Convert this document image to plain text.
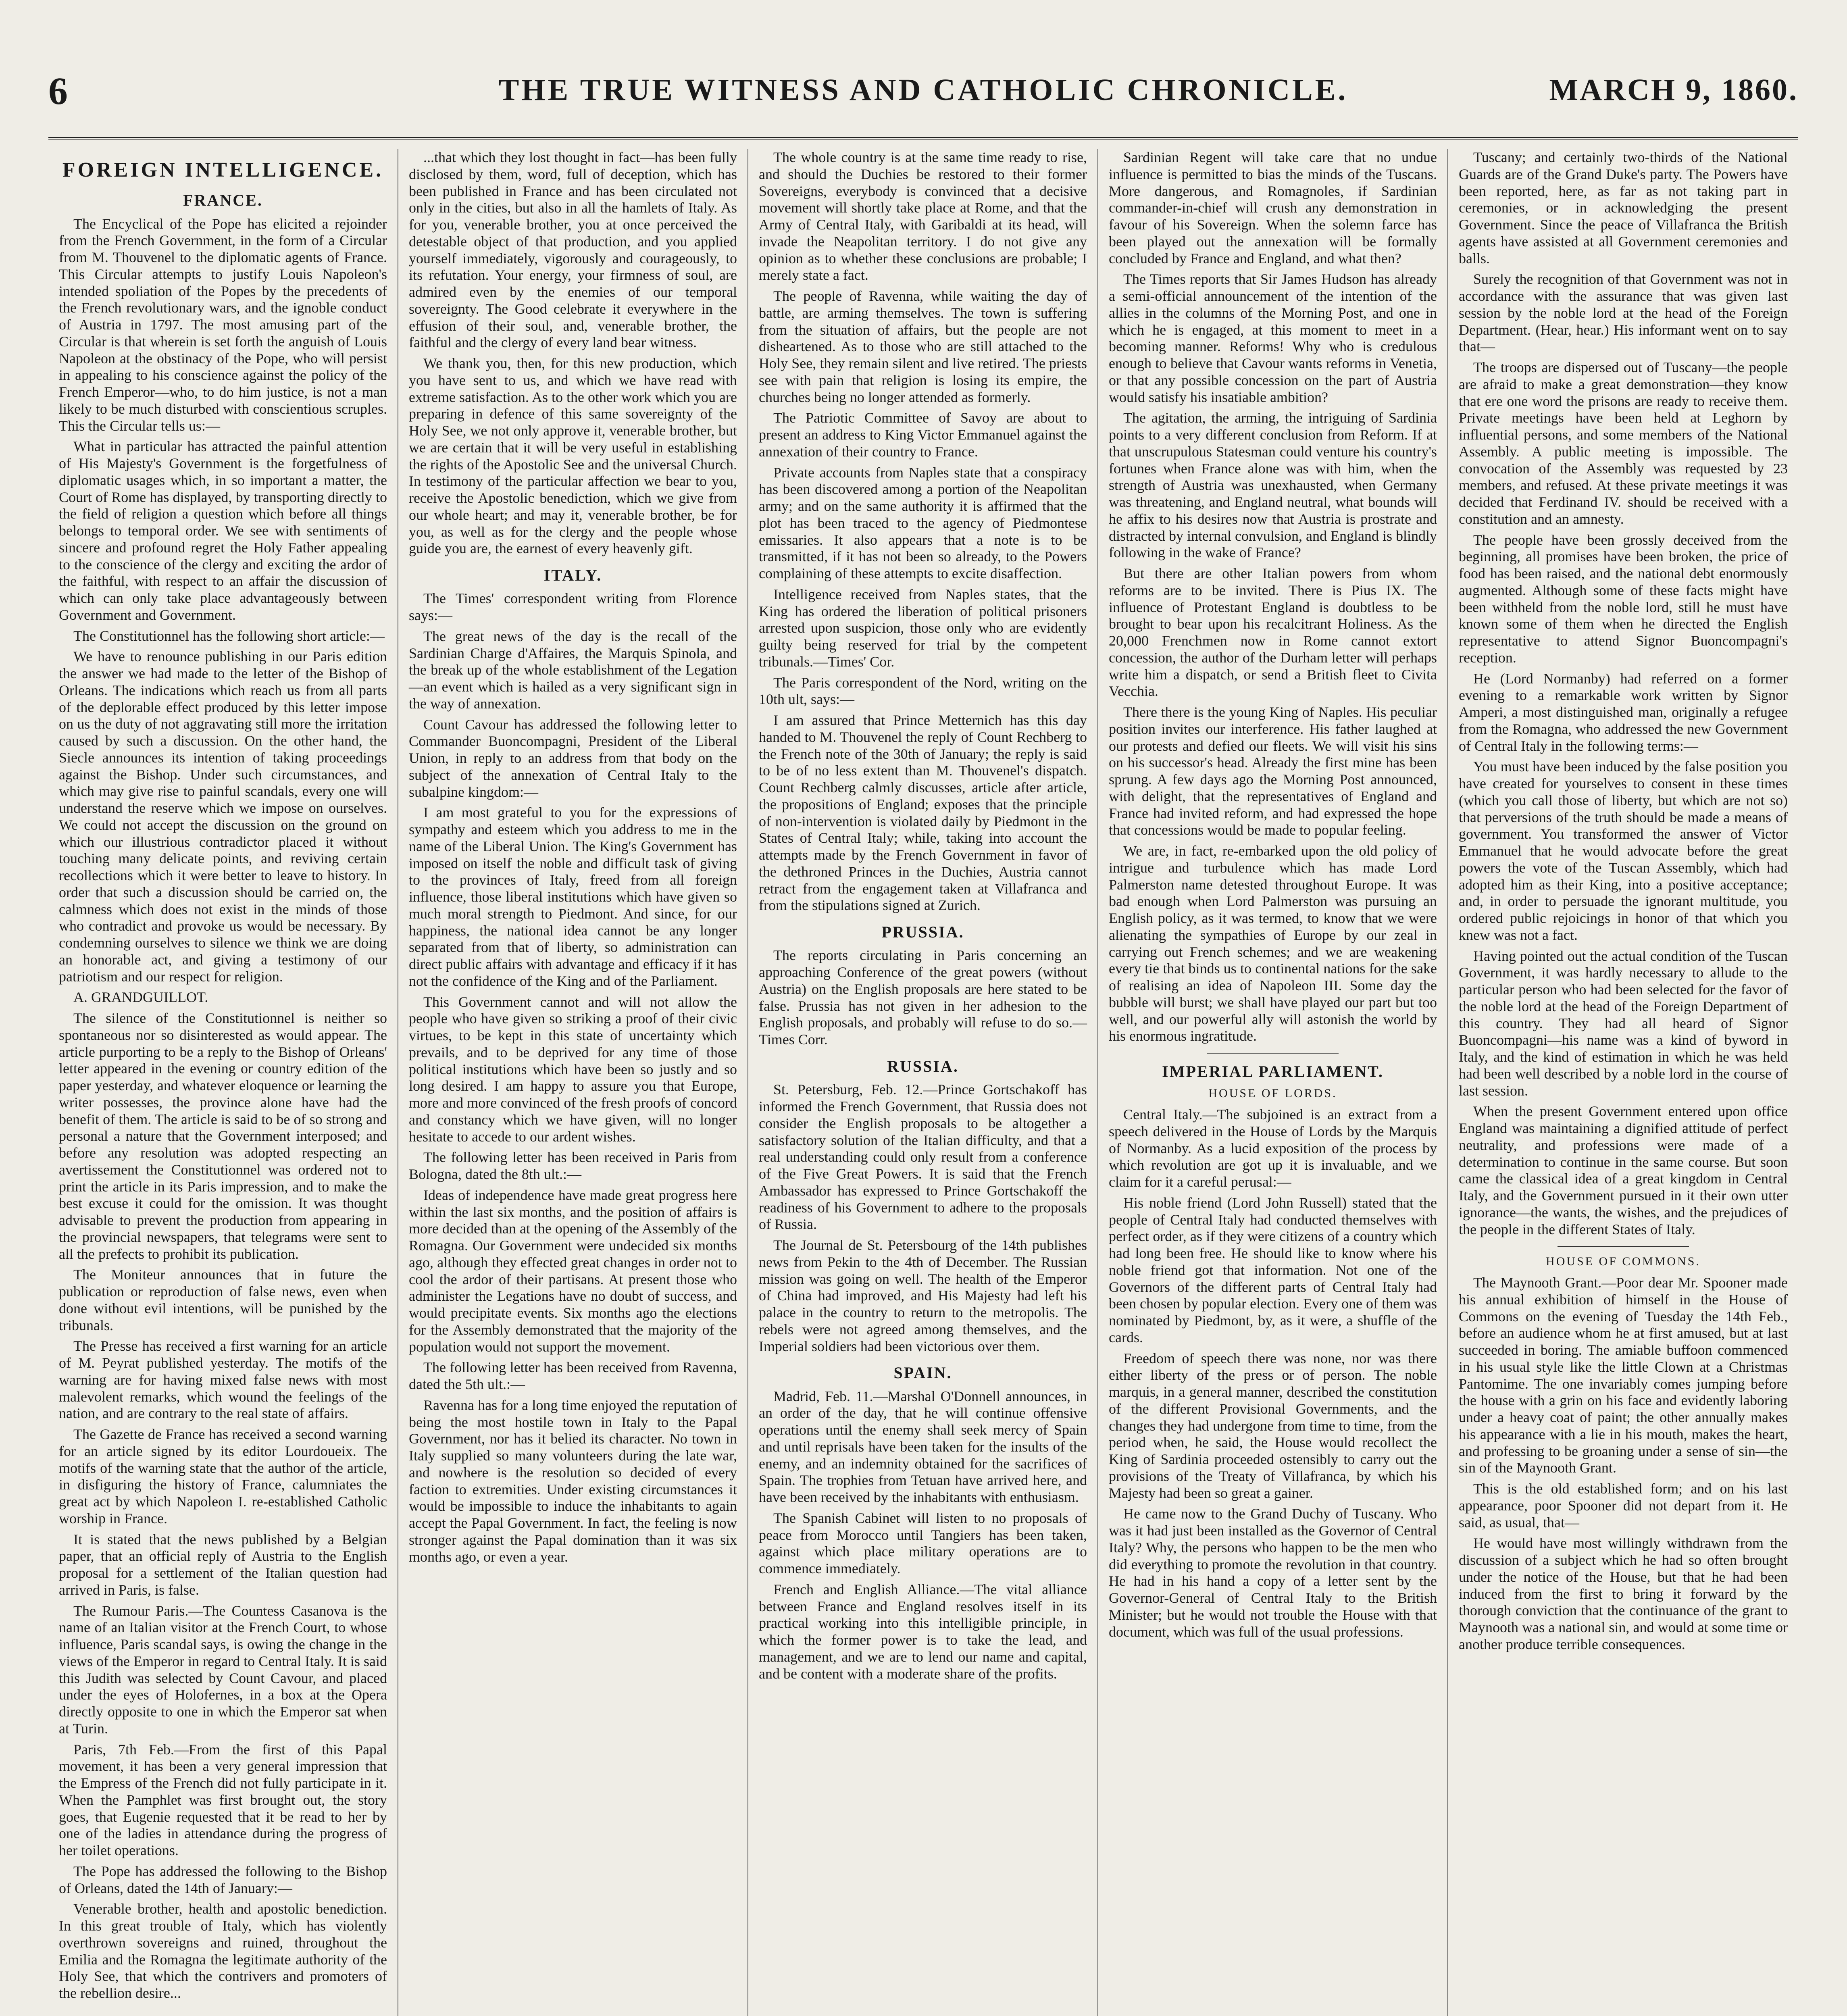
6	THE TRUE WITNESS AND CATHOLIC CHRONICLE.	MARCH 9, 1860.
FOREIGN INTELLIGENCE.
FRANCE.

The Encyclical of the Pope has elicited a rejoinder from the French Government, in the form of a Circular from M. Thouvenel to the diplomatic agents of France. This Circular attempts to justify Louis Napoleon's intended spoliation of the Popes by the precedents of the French revolutionary wars, and the ignoble conduct of Austria in 1797. The most amusing part of the Circular is that wherein is set forth the anguish of Louis Napoleon at the obstinacy of the Pope, who will persist in appealing to his conscience against the policy of the French Emperor—who, to do him justice, is not a man likely to be much disturbed with conscientious scruples. This the Circular tells us:—

What in particular has attracted the painful attention of His Majesty's Government is the forgetfulness of diplomatic usages which, in so important a matter, the Court of Rome has displayed, by transporting directly to the field of religion a question which before all things belongs to temporal order. We see with sentiments of sincere and profound regret the Holy Father appealing to the conscience of the clergy and exciting the ardor of the faithful, with respect to an affair the discussion of which can only take place advantageously between Government and Government.

The Constitutionnel has the following short article:—

We have to renounce publishing in our Paris edition the answer we had made to the letter of the Bishop of Orleans. The indications which reach us from all parts of the deplorable effect produced by this letter impose on us the duty of not aggravating still more the irritation caused by such a discussion. On the other hand, the Siecle announces its intention of taking proceedings against the Bishop. Under such circumstances, and which may give rise to painful scandals, every one will understand the reserve which we impose on ourselves. We could not accept the discussion on the ground on which our illustrious contradictor placed it without touching many delicate points, and reviving certain recollections which it were better to leave to history. In order that such a discussion should be carried on, the calmness which does not exist in the minds of those who contradict and provoke us would be necessary. By condemning ourselves to silence we think we are doing an honorable act, and giving a testimony of our patriotism and our respect for religion.

A. GRANDGUILLOT.

The silence of the Constitutionnel is neither so spontaneous nor so disinterested as would appear. The article purporting to be a reply to the Bishop of Orleans' letter appeared in the evening or country edition of the paper yesterday, and whatever eloquence or learning the writer possesses, the province alone have had the benefit of them. The article is said to be of so strong and personal a nature that the Government interposed; and before any resolution was adopted respecting an avertissement the Constitutionnel was ordered not to print the article in its Paris impression, and to make the best excuse it could for the omission. It was thought advisable to prevent the production from appearing in the provincial newspapers, that telegrams were sent to all the prefects to prohibit its publication.

The Moniteur announces that in future the publication or reproduction of false news, even when done without evil intentions, will be punished by the tribunals.

The Presse has received a first warning for an article of M. Peyrat published yesterday. The motifs of the warning are for having mixed false news with most malevolent remarks, which wound the feelings of the nation, and are contrary to the real state of affairs.

The Gazette de France has received a second warning for an article signed by its editor Lourdoueix. The motifs of the warning state that the author of the article, in disfiguring the history of France, calumniates the great act by which Napoleon I. re-established Catholic worship in France.

It is stated that the news published by a Belgian paper, that an official reply of Austria to the English proposal for a settlement of the Italian question had arrived in Paris, is false.

The Rumour Paris.—The Countess Casanova is the name of an Italian visitor at the French Court, to whose influence, Paris scandal says, is owing the change in the views of the Emperor in regard to Central Italy. It is said this Judith was selected by Count Cavour, and placed under the eyes of Holofernes, in a box at the Opera directly opposite to one in which the Emperor sat when at Turin.

Paris, 7th Feb.—From the first of this Papal movement, it has been a very general impression that the Empress of the French did not fully participate in it. When the Pamphlet was first brought out, the story goes, that Eugenie requested that it be read to her by one of the ladies in attendance during the progress of her toilet operations.

The Pope has addressed the following to the Bishop of Orleans, dated the 14th of January:—

Venerable brother, health and apostolic benediction. In this great trouble of Italy, which has violently overthrown sovereigns and ruined, throughout the Emilia and the Romagna the legitimate authority of the Holy See, that which the contrivers and promoters of the rebellion desire...

...that which they lost thought in fact—has been fully disclosed by them, word, full of deception, which has been published in France and has been circulated not only in the cities, but also in all the hamlets of Italy. As for you, venerable brother, you at once perceived the detestable object of that production, and you applied yourself immediately, vigorously and courageously, to its refutation. Your energy, your firmness of soul, are admired even by the enemies of our temporal sovereignty. The Good celebrate it everywhere in the effusion of their soul, and, venerable brother, the faithful and the clergy of every land bear witness.

We thank you, then, for this new production, which you have sent to us, and which we have read with extreme satisfaction. As to the other work which you are preparing in defence of this same sovereignty of the Holy See, we not only approve it, venerable brother, but we are certain that it will be very useful in establishing the rights of the Apostolic See and the universal Church. In testimony of the particular affection we bear to you, receive the Apostolic benediction, which we give from our whole heart; and may it, venerable brother, be for you, as well as for the clergy and the people whose guide you are, the earnest of every heavenly gift.

ITALY.

The Times' correspondent writing from Florence says:—

The great news of the day is the recall of the Sardinian Charge d'Affaires, the Marquis Spinola, and the break up of the whole establishment of the Legation—an event which is hailed as a very significant sign in the way of annexation.

Count Cavour has addressed the following letter to Commander Buoncompagni, President of the Liberal Union, in reply to an address from that body on the subject of the annexation of Central Italy to the subalpine kingdom:—

I am most grateful to you for the expressions of sympathy and esteem which you address to me in the name of the Liberal Union. The King's Government has imposed on itself the noble and difficult task of giving to the provinces of Italy, freed from all foreign influence, those liberal institutions which have given so much moral strength to Piedmont. And since, for our happiness, the national idea cannot be any longer separated from that of liberty, so administration can direct public affairs with advantage and efficacy if it has not the confidence of the King and of the Parliament.

This Government cannot and will not allow the people who have given so striking a proof of their civic virtues, to be kept in this state of uncertainty which prevails, and to be deprived for any time of those political institutions which have been so justly and so long desired. I am happy to assure you that Europe, more and more convinced of the fresh proofs of concord and constancy which we have given, will no longer hesitate to accede to our ardent wishes.

The following letter has been received in Paris from Bologna, dated the 8th ult.:—

Ideas of independence have made great progress here within the last six months, and the position of affairs is more decided than at the opening of the Assembly of the Romagna. Our Government were undecided six months ago, although they effected great changes in order not to cool the ardor of their partisans. At present those who administer the Legations have no doubt of success, and would precipitate events. Six months ago the elections for the Assembly demonstrated that the majority of the population would not support the movement.

The following letter has been received from Ravenna, dated the 5th ult.:—

Ravenna has for a long time enjoyed the reputation of being the most hostile town in Italy to the Papal Government, nor has it belied its character. No town in Italy supplied so many volunteers during the late war, and nowhere is the resolution so decided of every faction to extremities. Under existing circumstances it would be impossible to induce the inhabitants to again accept the Papal Government. In fact, the feeling is now stronger against the Papal domination than it was six months ago, or even a year.

The whole country is at the same time ready to rise, and should the Duchies be restored to their former Sovereigns, everybody is convinced that a decisive movement will shortly take place at Rome, and that the Army of Central Italy, with Garibaldi at its head, will invade the Neapolitan territory. I do not give any opinion as to whether these conclusions are probable; I merely state a fact.

The people of Ravenna, while waiting the day of battle, are arming themselves. The town is suffering from the situation of affairs, but the people are not disheartened. As to those who are still attached to the Holy See, they remain silent and live retired. The priests see with pain that religion is losing its empire, the churches being no longer attended as formerly.

The Patriotic Committee of Savoy are about to present an address to King Victor Emmanuel against the annexation of their country to France.

Private accounts from Naples state that a conspiracy has been discovered among a portion of the Neapolitan army; and on the same authority it is affirmed that the plot has been traced to the agency of Piedmontese emissaries. It also appears that a note is to be transmitted, if it has not been so already, to the Powers complaining of these attempts to excite disaffection.

Intelligence received from Naples states, that the King has ordered the liberation of political prisoners arrested upon suspicion, those only who are evidently guilty being reserved for trial by the competent tribunals.—Times' Cor.

The Paris correspondent of the Nord, writing on the 10th ult, says:—

I am assured that Prince Metternich has this day handed to M. Thouvenel the reply of Count Rechberg to the French note of the 30th of January; the reply is said to be of no less extent than M. Thouvenel's dispatch. Count Rechberg calmly discusses, article after article, the propositions of England; exposes that the principle of non-intervention is violated daily by Piedmont in the States of Central Italy; while, taking into account the attempts made by the French Government in favor of the dethroned Princes in the Duchies, Austria cannot retract from the engagement taken at Villafranca and from the stipulations signed at Zurich.

PRUSSIA.

The reports circulating in Paris concerning an approaching Conference of the great powers (without Austria) on the English proposals are here stated to be false. Prussia has not given in her adhesion to the English proposals, and probably will refuse to do so.—Times Corr.

RUSSIA.

St. Petersburg, Feb. 12.—Prince Gortschakoff has informed the French Government, that Russia does not consider the English proposals to be altogether a satisfactory solution of the Italian difficulty, and that a real understanding could only result from a conference of the Five Great Powers. It is said that the French Ambassador has expressed to Prince Gortschakoff the readiness of his Government to adhere to the proposals of Russia.

The Journal de St. Petersbourg of the 14th publishes news from Pekin to the 4th of December. The Russian mission was going on well. The health of the Emperor of China had improved, and His Majesty had left his palace in the country to return to the metropolis. The rebels were not agreed among themselves, and the Imperial soldiers had been victorious over them.

SPAIN.

Madrid, Feb. 11.—Marshal O'Donnell announces, in an order of the day, that he will continue offensive operations until the enemy shall seek mercy of Spain and until reprisals have been taken for the insults of the enemy, and an indemnity obtained for the sacrifices of Spain. The trophies from Tetuan have arrived here, and have been received by the inhabitants with enthusiasm.

The Spanish Cabinet will listen to no proposals of peace from Morocco until Tangiers has been taken, against which place military operations are to commence immediately.

French and English Alliance.—The vital alliance between France and England resolves itself in its practical working into this intelligible principle, in which the former power is to take the lead, and management, and we are to lend our name and capital, and be content with a moderate share of the profits.

Sardinian Regent will take care that no undue influence is permitted to bias the minds of the Tuscans. More dangerous, and Romagnoles, if Sardinian commander-in-chief will crush any demonstration in favour of his Sovereign. When the solemn farce has been played out the annexation will be formally concluded by France and England, and what then?

The Times reports that Sir James Hudson has already a semi-official announcement of the intention of the allies in the columns of the Morning Post, and one in which he is engaged, at this moment to meet in a becoming manner. Reforms! Why who is credulous enough to believe that Cavour wants reforms in Venetia, or that any possible concession on the part of Austria would satisfy his insatiable ambition?

The agitation, the arming, the intriguing of Sardinia points to a very different conclusion from Reform. If at that unscrupulous Statesman could venture his country's fortunes when France alone was with him, when the strength of Austria was unexhausted, when Germany was threatening, and England neutral, what bounds will he affix to his desires now that Austria is prostrate and distracted by internal convulsion, and England is blindly following in the wake of France?

But there are other Italian powers from whom reforms are to be invited. There is Pius IX. The influence of Protestant England is doubtless to be brought to bear upon his recalcitrant Holiness. As the 20,000 Frenchmen now in Rome cannot extort concession, the author of the Durham letter will perhaps write him a dispatch, or send a British fleet to Civita Vecchia.

There there is the young King of Naples. His peculiar position invites our interference. His father laughed at our protests and defied our fleets. We will visit his sins on his successor's head. Already the first mine has been sprung. A few days ago the Morning Post announced, with delight, that the representatives of England and France had invited reform, and had expressed the hope that concessions would be made to popular feeling.

We are, in fact, re-embarked upon the old policy of intrigue and turbulence which has made Lord Palmerston name detested throughout Europe. It was bad enough when Lord Palmerston was pursuing an English policy, as it was termed, to know that we were alienating the sympathies of Europe by our zeal in carrying out French schemes; and we are weakening every tie that binds us to continental nations for the sake of realising an idea of Napoleon III. Some day the bubble will burst; we shall have played our part but too well, and our powerful ally will astonish the world by his enormous ingratitude.

IMPERIAL PARLIAMENT.
HOUSE OF LORDS.

Central Italy.—The subjoined is an extract from a speech delivered in the House of Lords by the Marquis of Normanby. As a lucid exposition of the process by which revolution are got up it is invaluable, and we claim for it a careful perusal:—

His noble friend (Lord John Russell) stated that the people of Central Italy had conducted themselves with perfect order, as if they were citizens of a country which had long been free. He should like to know where his noble friend got that information. Not one of the Governors of the different parts of Central Italy had been chosen by popular election. Every one of them was nominated by Piedmont, by, as it were, a shuffle of the cards.

Freedom of speech there was none, nor was there either liberty of the press or of person. The noble marquis, in a general manner, described the constitution of the different Provisional Governments, and the changes they had undergone from time to time, from the period when, he said, the House would recollect the King of Sardinia proceeded ostensibly to carry out the provisions of the Treaty of Villafranca, by which his Majesty had been so great a gainer.

He came now to the Grand Duchy of Tuscany. Who was it had just been installed as the Governor of Central Italy? Why, the persons who happen to be the men who did everything to promote the revolution in that country. He had in his hand a copy of a letter sent by the Governor-General of Central Italy to the British Minister; but he would not trouble the House with that document, which was full of the usual professions.

Tuscany; and certainly two-thirds of the National Guards are of the Grand Duke's party. The Powers have been reported, here, as far as not taking part in ceremonies, or in acknowledging the present Government. Since the peace of Villafranca the British agents have assisted at all Government ceremonies and balls.

Surely the recognition of that Government was not in accordance with the assurance that was given last session by the noble lord at the head of the Foreign Department. (Hear, hear.) His informant went on to say that—

The troops are dispersed out of Tuscany—the people are afraid to make a great demonstration—they know that ere one word the prisons are ready to receive them. Private meetings have been held at Leghorn by influential persons, and some members of the National Assembly. A public meeting is impossible. The convocation of the Assembly was requested by 23 members, and refused. At these private meetings it was decided that Ferdinand IV. should be received with a constitution and an amnesty.

The people have been grossly deceived from the beginning, all promises have been broken, the price of food has been raised, and the national debt enormously augmented. Although some of these facts might have been withheld from the noble lord, still he must have known some of them when he directed the English representative to attend Signor Buoncompagni's reception.

He (Lord Normanby) had referred on a former evening to a remarkable work written by Signor Amperi, a most distinguished man, originally a refugee from the Romagna, who addressed the new Government of Central Italy in the following terms:—

You must have been induced by the false position you have created for yourselves to consent in these times (which you call those of liberty, but which are not so) that perversions of the truth should be made a means of government. You transformed the answer of Victor Emmanuel that he would advocate before the great powers the vote of the Tuscan Assembly, which had adopted him as their King, into a positive acceptance; and, in order to persuade the ignorant multitude, you ordered public rejoicings in honor of that which you knew was not a fact.

Having pointed out the actual condition of the Tuscan Government, it was hardly necessary to allude to the particular person who had been selected for the favor of the noble lord at the head of the Foreign Department of this country. They had all heard of Signor Buoncompagni—his name was a kind of byword in Italy, and the kind of estimation in which he was held had been well described by a noble lord in the course of last session.

When the present Government entered upon office England was maintaining a dignified attitude of perfect neutrality, and professions were made of a determination to continue in the same course. But soon came the classical idea of a great kingdom in Central Italy, and the Government pursued in it their own utter ignorance—the wants, the wishes, and the prejudices of the people in the different States of Italy.

HOUSE OF COMMONS.

The Maynooth Grant.—Poor dear Mr. Spooner made his annual exhibition of himself in the House of Commons on the evening of Tuesday the 14th Feb., before an audience whom he at first amused, but at last succeeded in boring. The amiable buffoon commenced in his usual style like the little Clown at a Christmas Pantomime. The one invariably comes jumping before the house with a grin on his face and evidently laboring under a heavy coat of paint; the other annually makes his appearance with a lie in his mouth, makes the heart, and professing to be groaning under a sense of sin—the sin of the Maynooth Grant.

This is the old established form; and on his last appearance, poor Spooner did not depart from it. He said, as usual, that—

He would have most willingly withdrawn from the discussion of a subject which he had so often brought under the notice of the House, but that he had been induced from the first to bring it forward by the thorough conviction that the continuance of the grant to Maynooth was a national sin, and would at some time or another produce terrible consequences.
